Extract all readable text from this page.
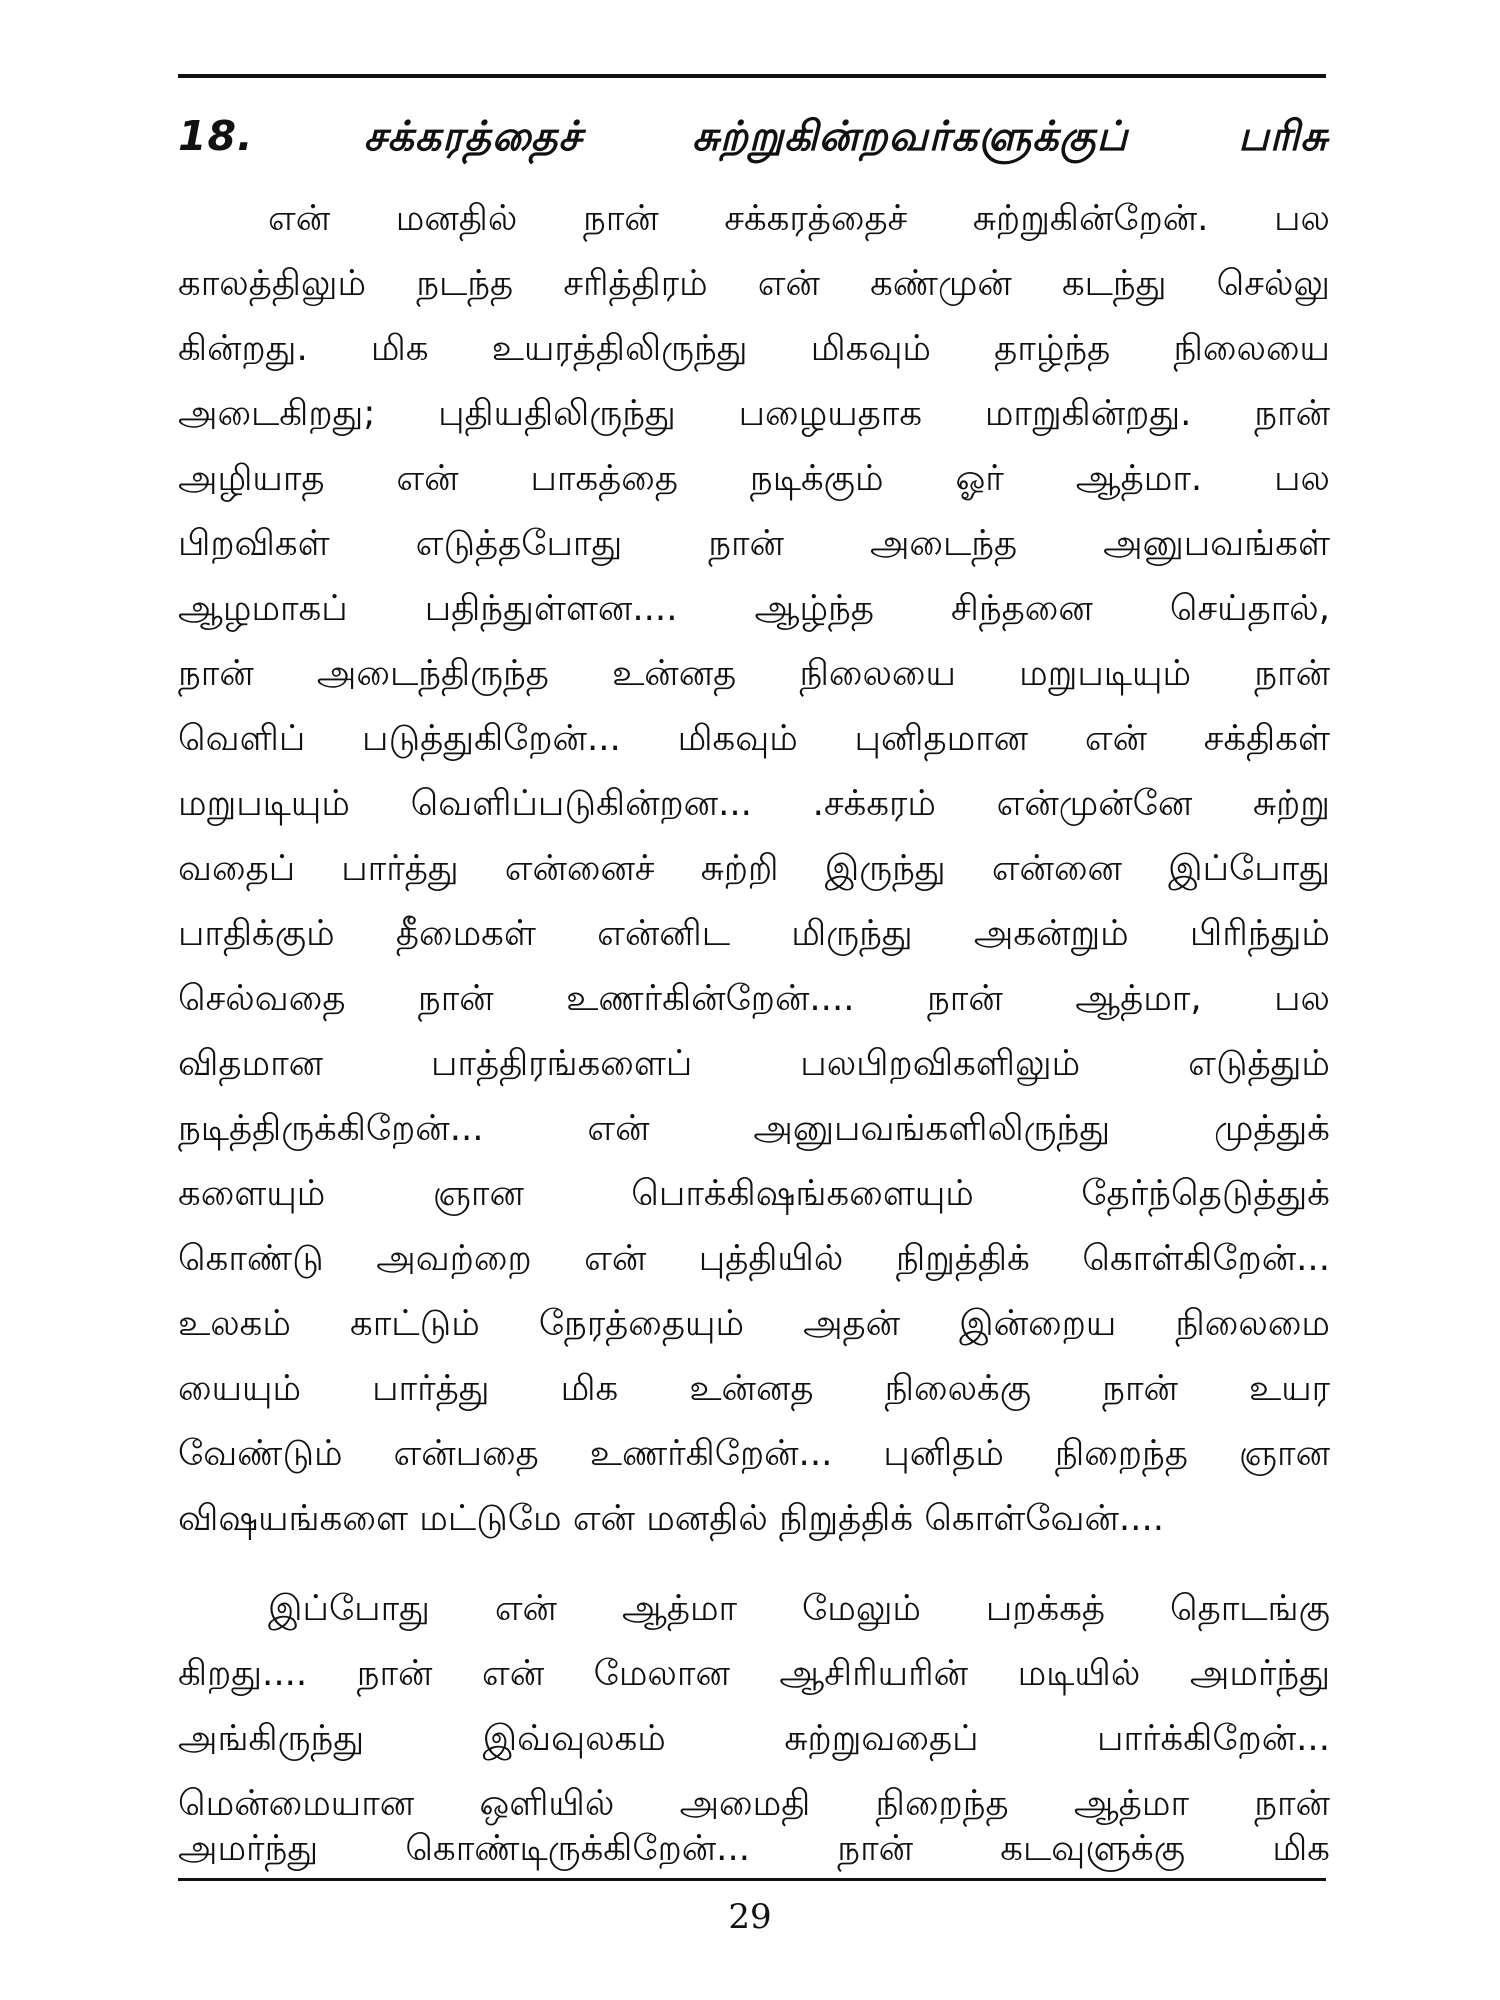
18. சக்கரத்தைச் சுற்றுகின்றவர்களுக்குப் பரிசு
என் மனதில் நான் சக்கரத்தைச் சுற்றுகின்றேன். பல
காலத்திலும் நடந்த சரித்திரம் என் கண்முன் கடந்து செல்லு
கின்றது. மிக உயரத்திலிருந்து மிகவும் தாழ்ந்த நிலையை
அடைகிறது; புதியதிலிருந்து பழையதாக மாறுகின்றது. நான்
அழியாத என் பாகத்தை நடிக்கும் ஓர் ஆத்மா. பல
பிறவிகள் எடுத்தபோது நான் அடைந்த அனுபவங்கள்
ஆழமாகப் பதிந்துள்ளன.... ஆழ்ந்த சிந்தனை செய்தால்,
நான் அடைந்திருந்த உன்னத நிலையை மறுபடியும் நான்
வெளிப் படுத்துகிறேன்... மிகவும் புனிதமான என் சக்திகள்
மறுபடியும் வெளிப்படுகின்றன... .சக்கரம் என்முன்னே சுற்று
வதைப் பார்த்து என்னைச் சுற்றி இருந்து என்னை இப்போது
பாதிக்கும் தீமைகள் என்னிட மிருந்து அகன்றும் பிரிந்தும்
செல்வதை நான் உணர்கின்றேன்.... நான் ஆத்மா, பல
விதமான பாத்திரங்களைப் பலபிறவிகளிலும் எடுத்தும்
நடித்திருக்கிறேன்... என் அனுபவங்களிலிருந்து முத்துக்
களையும் ஞான பொக்கிஷங்களையும் தேர்ந்தெடுத்துக்
கொண்டு அவற்றை என் புத்தியில் நிறுத்திக் கொள்கிறேன்...
உலகம் காட்டும் நேரத்தையும் அதன் இன்றைய நிலைமை
யையும் பார்த்து மிக உன்னத நிலைக்கு நான் உயர
வேண்டும் என்பதை உணர்கிறேன்... புனிதம் நிறைந்த ஞான
விஷயங்களை மட்டுமே என் மனதில் நிறுத்திக் கொள்வேன்....
இப்போது என் ஆத்மா மேலும் பறக்கத் தொடங்கு
கிறது.... நான் என் மேலான ஆசிரியரின் மடியில் அமர்ந்து
அங்கிருந்து இவ்வுலகம் சுற்றுவதைப் பார்க்கிறேன்...
மென்மையான ஒளியில் அமைதி நிறைந்த ஆத்மா நான்
அமர்ந்து கொண்டிருக்கிறேன்... நான் கடவுளுக்கு மிக
29
